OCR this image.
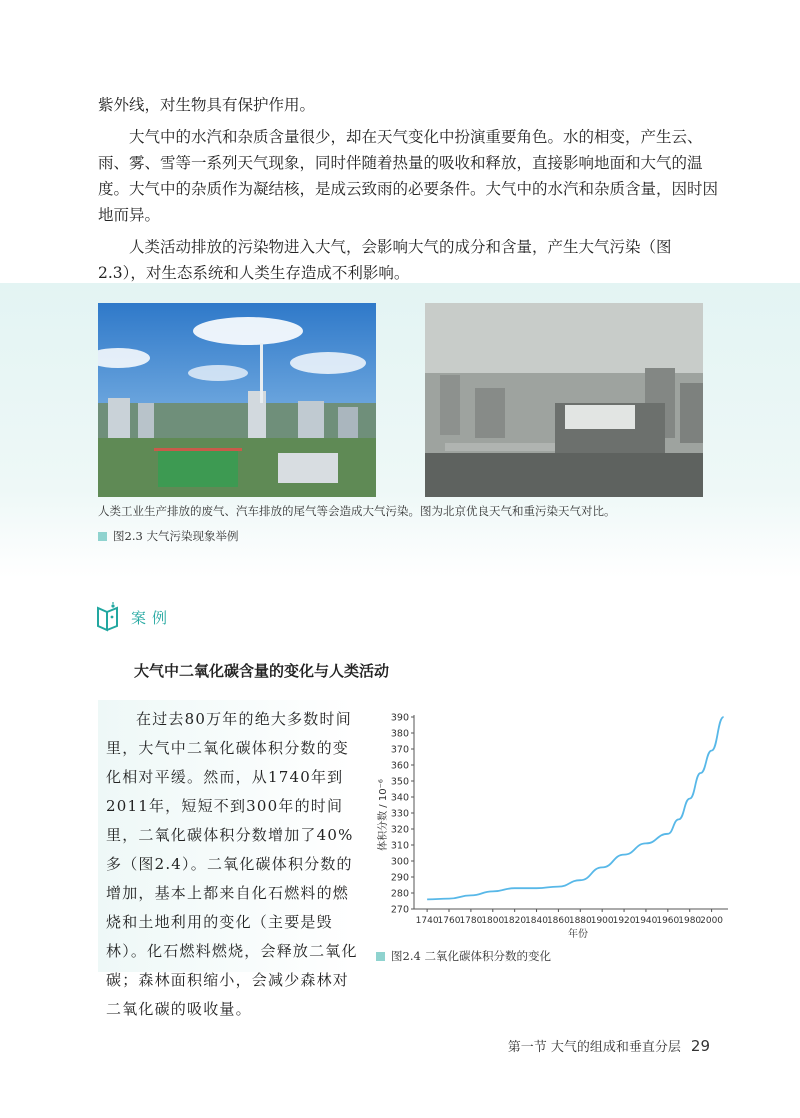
紫外线，对生物具有保护作用。

大气中的水汽和杂质含量很少，却在天气变化中扮演重要角色。水的相变，产生云、雨、雾、雪等一系列天气现象，同时伴随着热量的吸收和释放，直接影响地面和大气的温度。大气中的杂质作为凝结核，是成云致雨的必要条件。大气中的水汽和杂质含量，因时因地而异。

人类活动排放的污染物进入大气，会影响大气的成分和含量，产生大气污染（图 2.3），对生态系统和人类生存造成不利影响。

人类工业生产排放的废气、汽车排放的尾气等会造成大气污染。图为北京优良天气和重污染天气对比。
图2.3 大气污染现象举例
案例
大气中二氧化碳含量的变化与人类活动

在过去80万年的绝大多数时间里，大气中二氧化碳体积分数的变化相对平缓。然而，从1740年到2011年，短短不到300年的时间里，二氧化碳体积分数增加了40%多（图2.4）。二氧化碳体积分数的增加，基本上都来自化石燃料的燃烧和土地利用的变化（主要是毁林）。化石燃料燃烧，会释放二氧化碳；森林面积缩小，会减少森林对二氧化碳的吸收量。

体积分数 / 10⁻⁶
年份
270
280
290
300
310
320
330
340
350
360
370
380
390
1740
1760
1780
1800
1820
1840
1860
1880
1900
1920
1940
1960
1980
2000
图2.4 二氧化碳体积分数的变化
第一节 大气的组成和垂直分层 29
